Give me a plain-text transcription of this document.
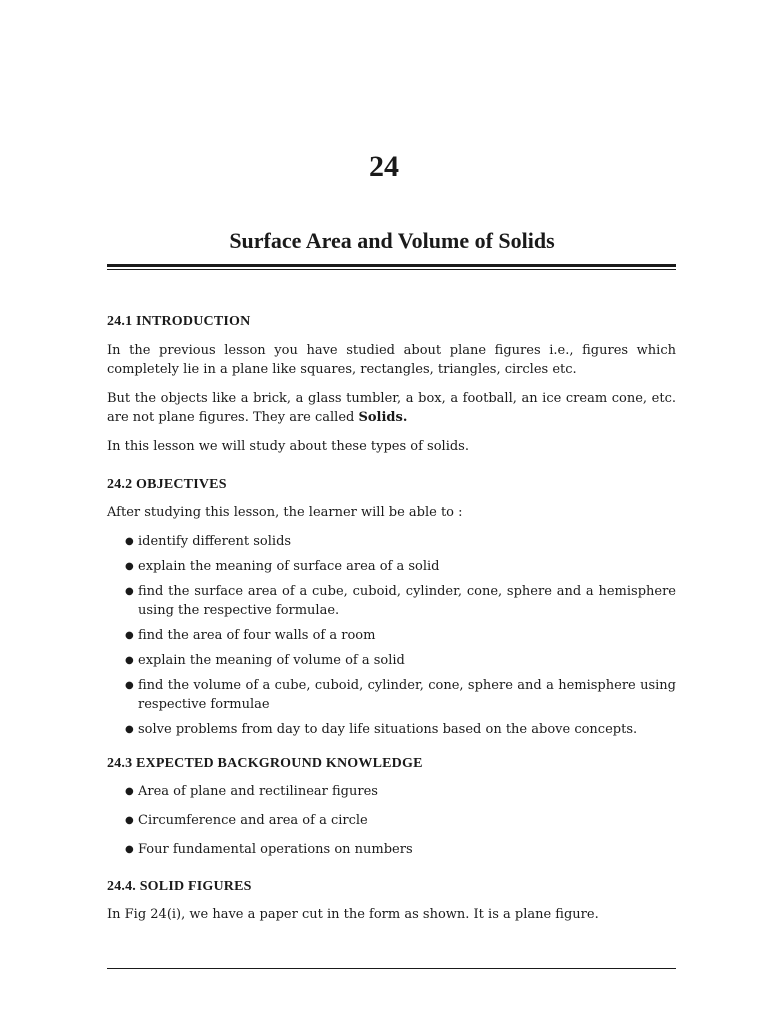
24
Surface Area and Volume of Solids
24.1 INTRODUCTION

In the previous lesson you have studied about plane figures i.e., figures which completely lie in a plane like squares, rectangles, triangles, circles etc.

But the objects like a brick, a glass tumbler, a box, a football, an ice cream cone, etc. are not plane figures. They are called Solids.

In this lesson we will study about these types of solids.

24.2 OBJECTIVES

After studying this lesson, the learner will be able to :

● identify different solids
● explain the meaning of surface area of a solid
● find the surface area of a cube, cuboid, cylinder, cone, sphere and a hemisphere using the respective formulae.
● find the area of four walls of a room
● explain the meaning of volume of a solid
● find the volume of a cube, cuboid, cylinder, cone, sphere and a hemisphere using respective formulae
● solve problems from day to day life situations based on the above concepts.
24.3 EXPECTED BACKGROUND KNOWLEDGE
● Area of plane and rectilinear figures
● Circumference and area of a circle
● Four fundamental operations on numbers
24.4. SOLID FIGURES

In Fig 24(i), we have a paper cut in the form as shown. It is a plane figure.
